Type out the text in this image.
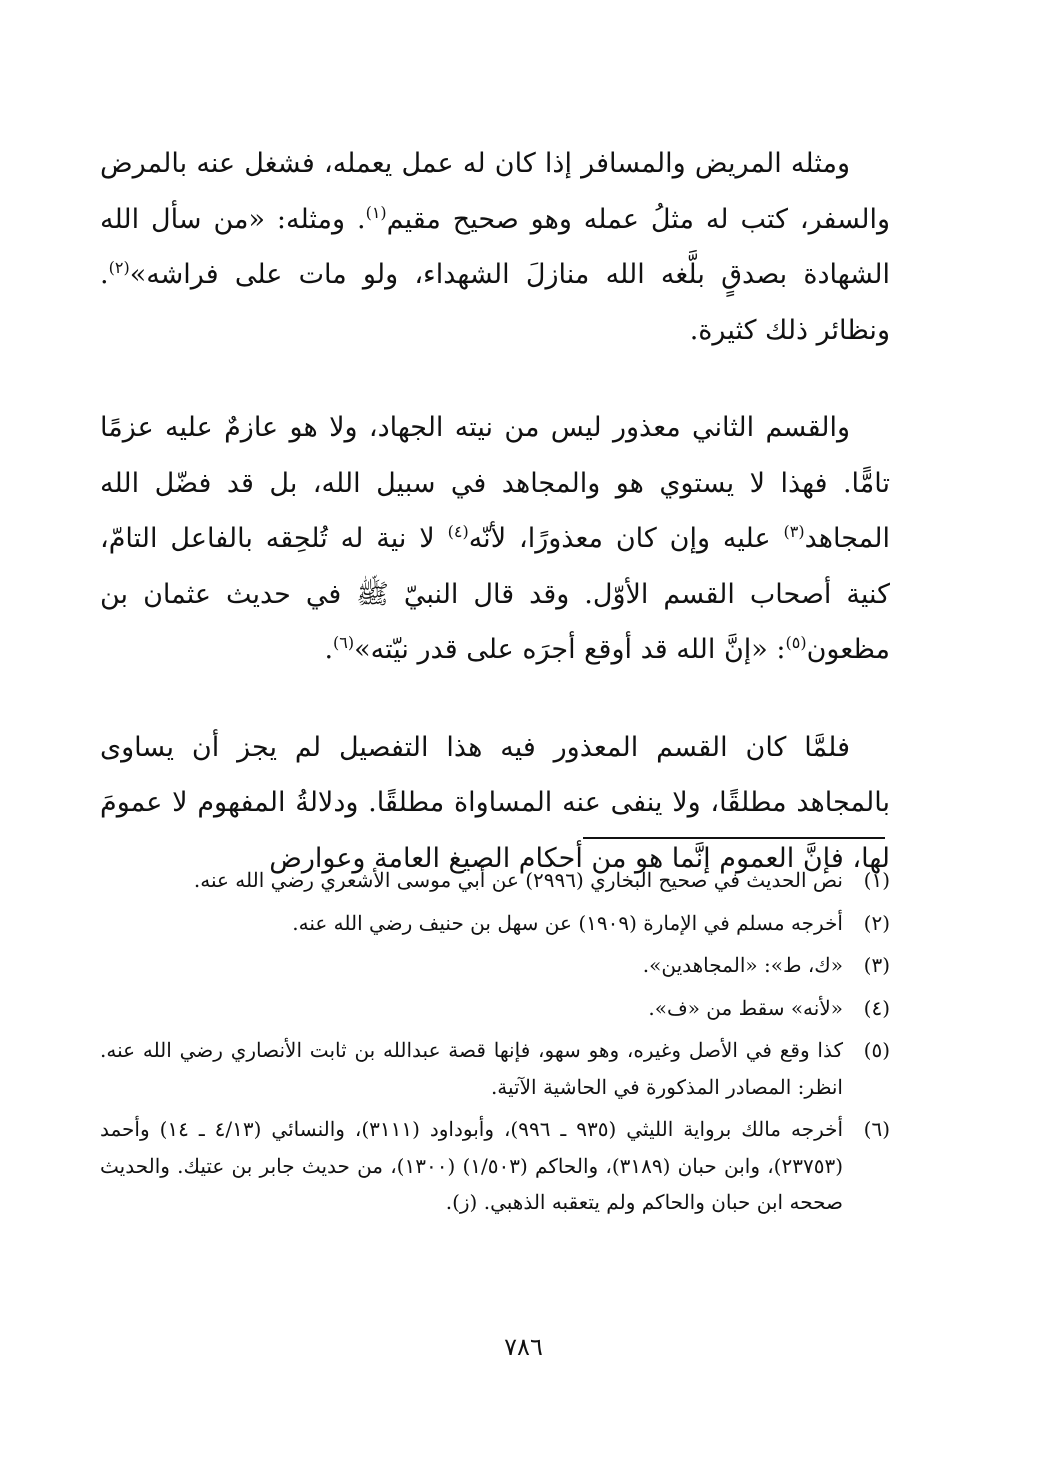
ومثله المريض والمسافر إذا كان له عمل يعمله، فشغل عنه بالمرض والسفر، كتب له مثلُ عمله وهو صحيح مقيم$^{(١)}$. ومثله: «من سأل الله الشهادة بصدقٍ بلَّغه الله منازلَ الشهداء، ولو مات على فراشه»$^{(٢)}$. ونظائر ذلك كثيرة.

والقسم الثاني معذور ليس من نيته الجهاد، ولا هو عازمٌ عليه عزمًا تامًّا. فهذا لا يستوي هو والمجاهد في سبيل الله، بل قد فضّل الله المجاهد$^{(٣)}$ عليه وإن كان معذورًا، لأنّه$^{(٤)}$ لا نية له تُلحِقه بالفاعل التامّ، كنية أصحاب القسم الأوّل. وقد قال النبيّ ﷺ في حديث عثمان بن مظعون$^{(٥)}$: «إنَّ الله قد أوقع أجرَه على قدر نيّته»$^{(٦)}$.

فلمَّا كان القسم المعذور فيه هذا التفصيل لم يجز أن يساوى بالمجاهد مطلقًا، ولا ينفى عنه المساواة مطلقًا. ودلالةُ المفهوم لا عمومَ لها، فإنَّ العموم إنَّما هو من أحكام الصيغ العامة وعوارض

(١)
نص الحديث في صحيح البخاري (٢٩٩٦) عن أبي موسى الأشعري رضي الله عنه.
(٢)
أخرجه مسلم في الإمارة (١٩٠٩) عن سهل بن حنيف رضي الله عنه.
(٣)
«ك، ط»: «المجاهدين».
(٤)
«لأنه» سقط من «ف».
(٥)
كذا وقع في الأصل وغيره، وهو سهو، فإنها قصة عبدالله بن ثابت الأنصاري رضي الله عنه. انظر: المصادر المذكورة في الحاشية الآتية.
(٦)
أخرجه مالك برواية الليثي (٩٣٥ ـ ٩٩٦)، وأبوداود (٣١١١)، والنسائي (٤/١٣ ـ ١٤) وأحمد (٢٣٧٥٣)، وابن حبان (٣١٨٩)، والحاكم (١/٥٠٣) (١٣٠٠)، من حديث جابر بن عتيك. والحديث صححه ابن حبان والحاكم ولم يتعقبه الذهبي. (ز).
٧٨٦
